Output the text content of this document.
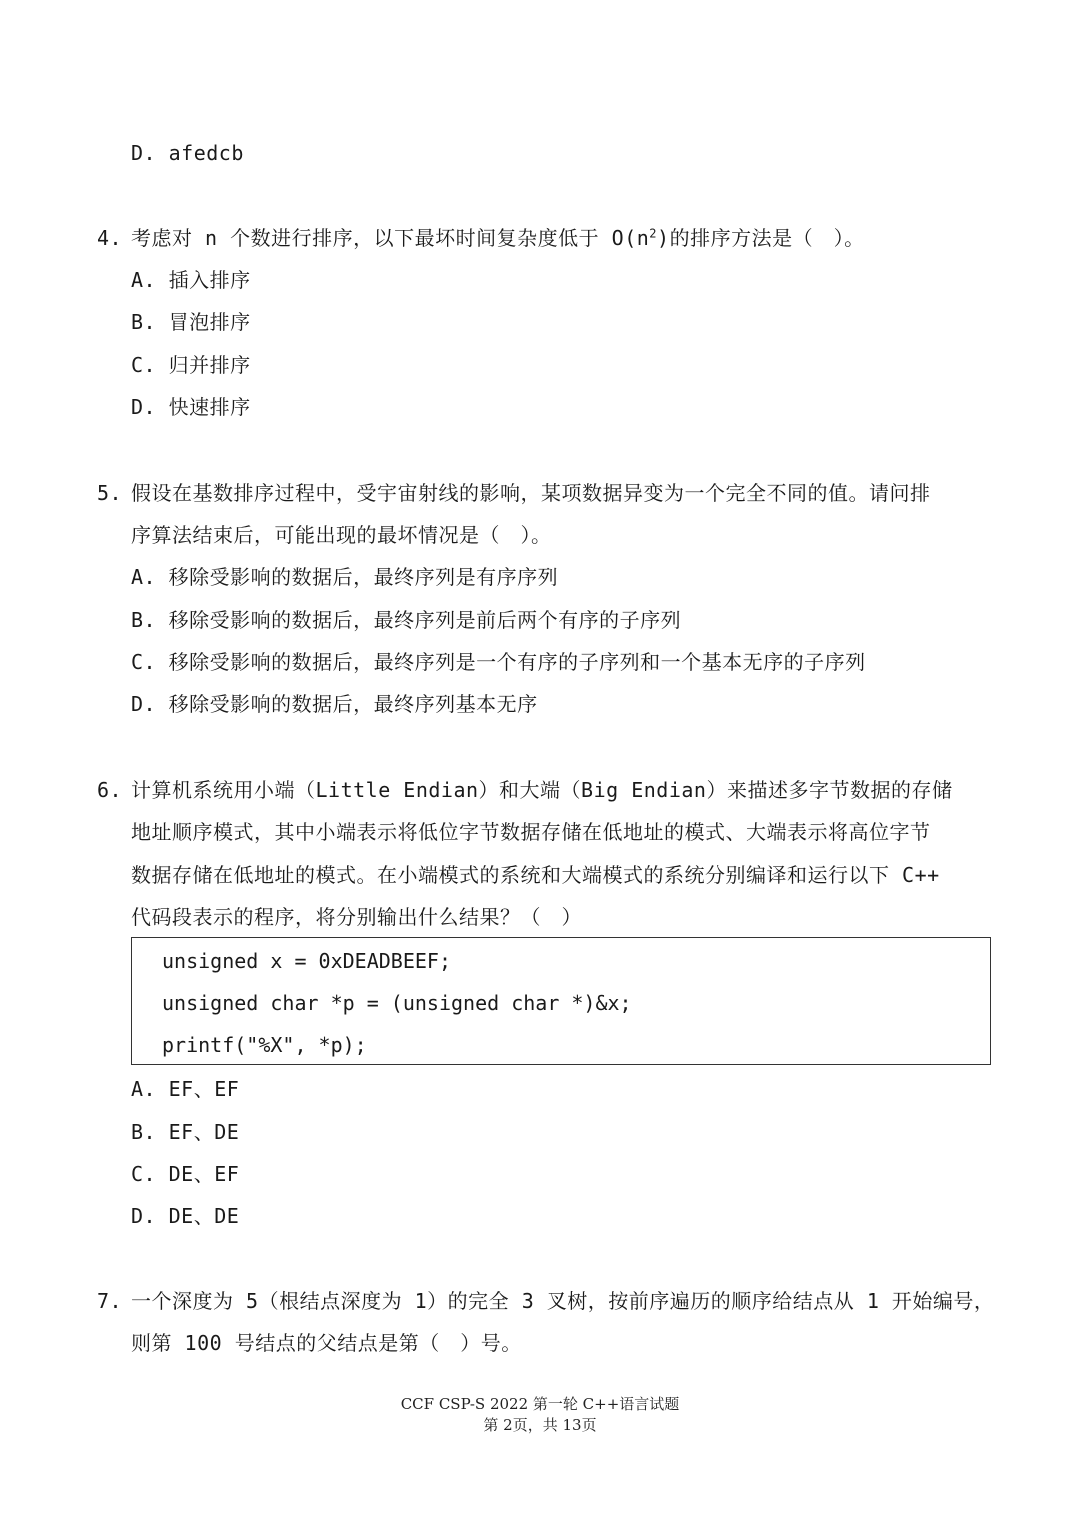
D. afedcb
4. 考虑对 n 个数进行排序，以下最坏时间复杂度低于 $O(n^2)$的排序方法是（　）。
A. 插入排序
B. 冒泡排序
C. 归并排序
D. 快速排序
5. 假设在基数排序过程中，受宇宙射线的影响，某项数据异变为一个完全不同的值。请问排
序算法结束后，可能出现的最坏情况是（　）。
A. 移除受影响的数据后，最终序列是有序序列
B. 移除受影响的数据后，最终序列是前后两个有序的子序列
C. 移除受影响的数据后，最终序列是一个有序的子序列和一个基本无序的子序列
D. 移除受影响的数据后，最终序列基本无序
6. 计算机系统用小端（Little Endian）和大端（Big Endian）来描述多字节数据的存储
地址顺序模式，其中小端表示将低位字节数据存储在低地址的模式、大端表示将高位字节
数据存储在低地址的模式。在小端模式的系统和大端模式的系统分别编译和运行以下 C++
代码段表示的程序，将分别输出什么结果？（　）
unsigned x = 0xDEADBEEF;
unsigned char *p = (unsigned char *)&x;
printf("%X", *p);
A. EF、EF
B. EF、DE
C. DE、EF
D. DE、DE
7. 一个深度为 5（根结点深度为 1）的完全 3 叉树，按前序遍历的顺序给结点从 1 开始编号，
则第 100 号结点的父结点是第（　）号。
CCF CSP-S 2022 第一轮 C++语言试题
第 2页，共 13页
